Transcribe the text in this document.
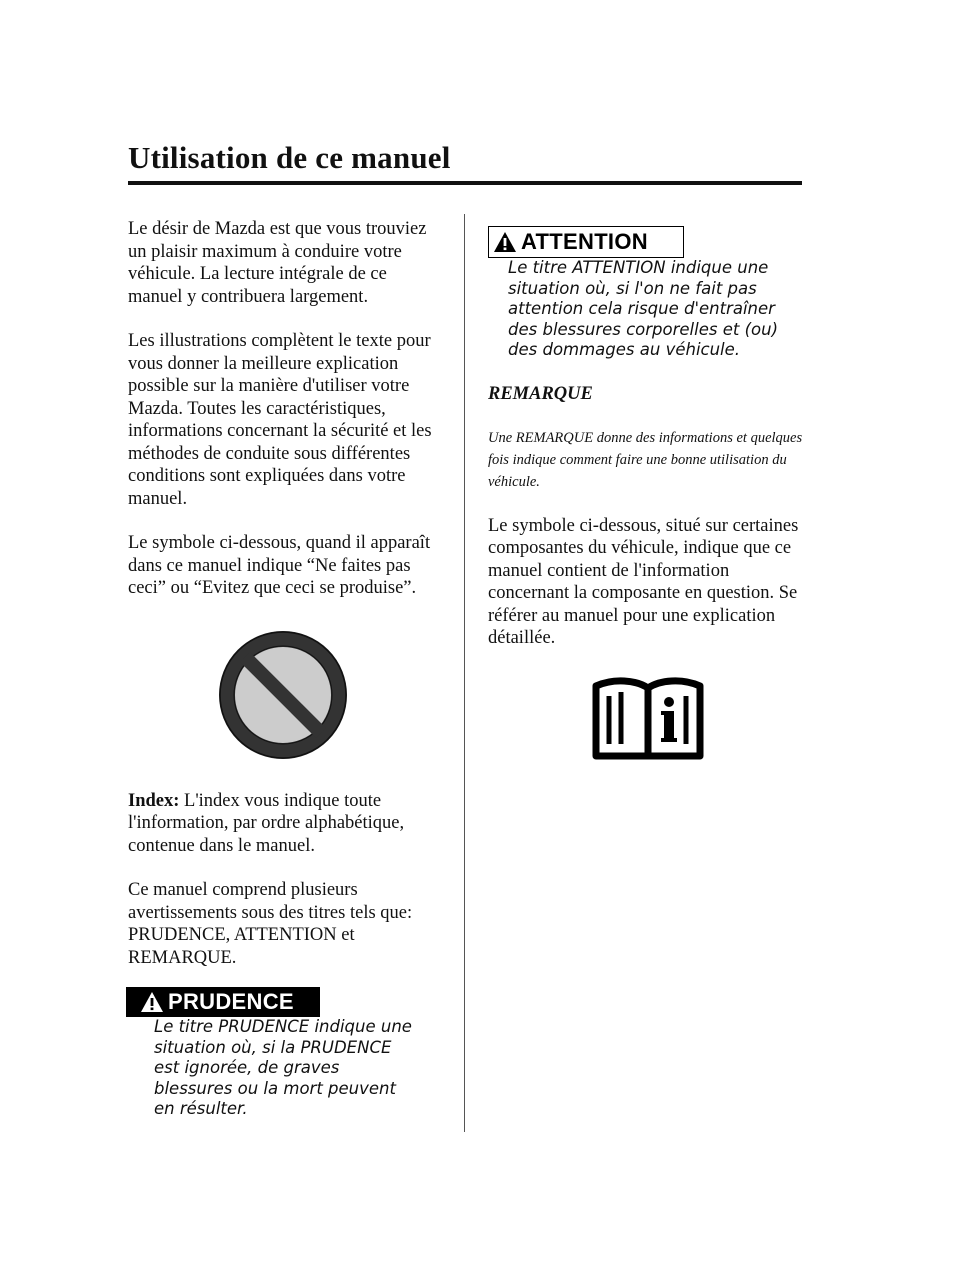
Utilisation de ce manuel

Le désir de Mazda est que vous trouviez un plaisir maximum à conduire votre véhicule. La lecture intégrale de ce manuel y contribuera largement.

Les illustrations complètent le texte pour vous donner la meilleure explication possible sur la manière d'utiliser votre Mazda. Toutes les caractéristiques, informations concernant la sécurité et les méthodes de conduite sous différentes conditions sont expliquées dans votre manuel.

Le symbole ci-dessous, quand il apparaît dans ce manuel indique “Ne faites pas ceci” ou “Evitez que ceci se produise”.

Index: L'index vous indique toute l'information, par ordre alphabétique, contenue dans le manuel.

Ce manuel comprend plusieurs avertissements sous des titres tels que: PRUDENCE, ATTENTION et REMARQUE.

PRUDENCE

Le titre PRUDENCE indique une situation où, si la PRUDENCE est ignorée, de graves blessures ou la mort peuvent en résulter.

ATTENTION

Le titre ATTENTION indique une situation où, si l'on ne fait pas attention cela risque d'entraîner des blessures corporelles et (ou) des dommages au véhicule.

REMARQUE

Une REMARQUE donne des informations et quelques fois indique comment faire une bonne utilisation du véhicule.

Le symbole ci-dessous, situé sur certaines composantes du véhicule, indique que ce manuel contient de l'information concernant la composante en question. Se référer au manuel pour une explication détaillée.
